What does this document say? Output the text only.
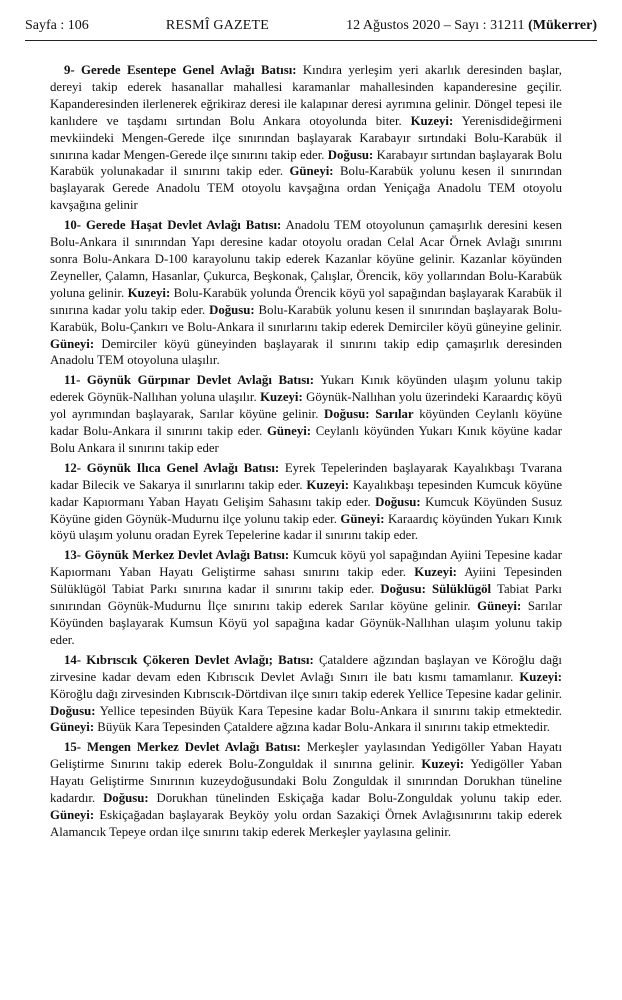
Sayfa : 106	RESMÎ GAZETE	12 Ağustos 2020 – Sayı : 31211 (Mükerrer)

9- Gerede Esentepe Genel Avlağı Batısı: Kındıra yerleşim yeri akarlık deresinden başlar, dereyi takip ederek hasanallar mahallesi karamanlar mahallesinden kapanderesine geçilir. Kapanderesinden ilerlenerek eğrikiraz deresi ile kalapınar deresi ayrımına gelinir. Döngel tepesi ile kanlıdere ve taşdamı sırtından Bolu Ankara otoyolunda biter. Kuzeyi: Yerenisdideğirmeni mevkiindeki Mengen-Gerede ilçe sınırından başlayarak Karabayır sırtındaki Bolu-Karabük il sınırına kadar Mengen-Gerede ilçe sınırını takip eder. Doğusu: Karabayır sırtından başlayarak Bolu Karabük yolunakadar il sınırını takip eder. Güneyi: Bolu-Karabük yolunu kesen il sınırından başlayarak Gerede Anadolu TEM otoyolu kavşağına ordan Yeniçağa Anadolu TEM otoyolu kavşağına gelinir

10- Gerede Haşat Devlet Avlağı Batısı: Anadolu TEM otoyolunun çamaşırlık deresini kesen Bolu-Ankara il sınırından Yapı deresine kadar otoyolu oradan Celal Acar Örnek Avlağı sınırını sonra Bolu-Ankara D-100 karayolunu takip ederek Kazanlar köyüne gelinir. Kazanlar köyünden Zeyneller, Çalamn, Hasanlar, Çukurca, Beşkonak, Çalışlar, Örencik, köy yollarından Bolu-Karabük yoluna gelinir. Kuzeyi: Bolu-Karabük yolunda Örencik köyü yol sapağından başlayarak Karabük il sınırına kadar yolu takip eder. Doğusu: Bolu-Karabük yolunu kesen il sınırından başlayarak Bolu-Karabük, Bolu-Çankırı ve Bolu-Ankara il sınırlarını takip ederek Demirciler köyü güneyine gelinir. Güneyi: Demirciler köyü güneyinden başlayarak il sınırını takip edip çamaşırlık deresinden Anadolu TEM otoyoluna ulaşılır.

11- Göynük Gürpınar Devlet Avlağı Batısı: Yukarı Kınık köyünden ulaşım yolunu takip ederek Göynük-Nallıhan yoluna ulaşılır. Kuzeyi: Göynük-Nallıhan yolu üzerindeki Karaardıç köyü yol ayrımından başlayarak, Sarılar köyüne gelinir. Doğusu: Sarılar köyünden Ceylanlı köyüne kadar Bolu-Ankara il sınırını takip eder. Güneyi: Ceylanlı köyünden Yukarı Kınık köyüne kadar Bolu Ankara il sınırını takip eder

12- Göynük Ilıca Genel Avlağı Batısı: Eyrek Tepelerinden başlayarak Kayalıkbaşı Tvarana kadar Bilecik ve Sakarya il sınırlarını takip eder. Kuzeyi: Kayalıkbaşı tepesinden Kumcuk köyüne kadar Kapıormanı Yaban Hayatı Gelişim Sahasını takip eder. Doğusu: Kumcuk Köyünden Susuz Köyüne giden Göynük-Mudurnu ilçe yolunu takip eder. Güneyi: Karaardıç köyünden Yukarı Kınık köyü ulaşım yolunu oradan Eyrek Tepelerine kadar il sınırını takip eder.

13- Göynük Merkez Devlet Avlağı Batısı: Kumcuk köyü yol sapağından Ayiini Tepesine kadar Kapıormanı Yaban Hayatı Geliştirme sahası sınırını takip eder. Kuzeyi: Ayiini Tepesinden Sülüklügöl Tabiat Parkı sınırına kadar il sınırını takip eder. Doğusu: Sülüklügöl Tabiat Parkı sınırından Göynük-Mudurnu İlçe sınırını takip ederek Sarılar köyüne gelinir. Güneyi: Sarılar Köyünden başlayarak Kumsun Köyü yol sapağına kadar Göynük-Nallıhan ulaşım yolunu takip eder.

14- Kıbrıscık Çökeren Devlet Avlağı; Batısı: Çataldere ağzından başlayan ve Köroğlu dağı zirvesine kadar devam eden Kıbrıscık Devlet Avlağı Sınırı ile batı kısmı tamamlanır. Kuzeyi: Köroğlu dağı zirvesinden Kıbrıscık-Dörtdivan ilçe sınırı takip ederek Yellice Tepesine kadar gelinir. Doğusu: Yellice tepesinden Büyük Kara Tepesine kadar Bolu-Ankara il sınırını takip etmektedir. Güneyi: Büyük Kara Tepesinden Çataldere ağzına kadar Bolu-Ankara il sınırını takip etmektedir.

15- Mengen Merkez Devlet Avlağı Batısı: Merkeşler yaylasından Yedigöller Yaban Hayatı Geliştirme Sınırını takip ederek Bolu-Zonguldak il sınırına gelinir. Kuzeyi: Yedigöller Yaban Hayatı Geliştirme Sınırının kuzeydoğusundaki Bolu Zonguldak il sınırından Dorukhan tüneline kadardır. Doğusu: Dorukhan tünelinden Eskiçağa kadar Bolu-Zonguldak yolunu takip eder. Güneyi: Eskiçağadan başlayarak Beyköy yolu ordan Sazakiçi Örnek Avlağısınırını takip ederek Alamancık Tepeye ordan ilçe sınırını takip ederek Merkeşler yaylasına gelinir.
